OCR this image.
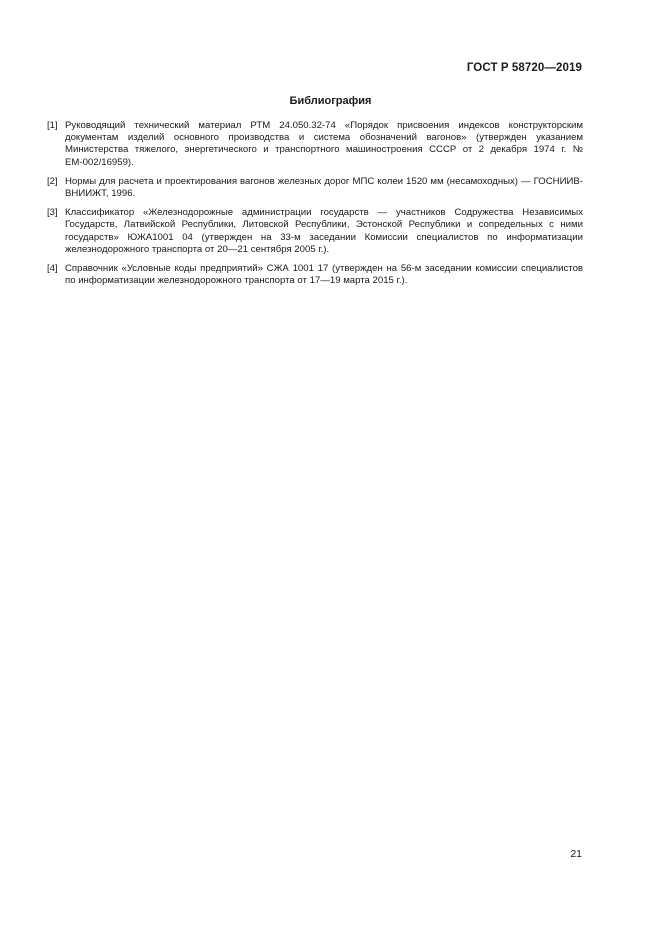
ГОСТ Р 58720—2019
Библиография
[1] Руководящий технический материал РТМ 24.050.32-74 «Порядок присвоения индексов конструкторским документам изделий основного производства и система обозначений вагонов» (утвержден указанием Министерства тяжелого, энергетического и транспортного машиностроения СССР от 2 декабря 1974 г. № ЕМ-002/16959).
[2] Нормы для расчета и проектирования вагонов железных дорог МПС колеи 1520 мм (несамоходных) — ГОСНИИВ-ВНИИЖТ, 1996.
[3] Классификатор «Железнодорожные администрации государств — участников Содружества Независимых Государств, Латвийской Республики, Литовской Республики, Эстонской Республики и сопредельных с ними государств» ЮЖА1001 04 (утвержден на 33-м заседании Комиссии специалистов по информатизации железнодорожного транспорта от 20—21 сентября 2005 г.).
[4] Справочник «Условные коды предприятий» СЖА 1001 17 (утвержден на 56-м заседании комиссии специалистов по информатизации железнодорожного транспорта от 17—19 марта 2015 г.).
21
